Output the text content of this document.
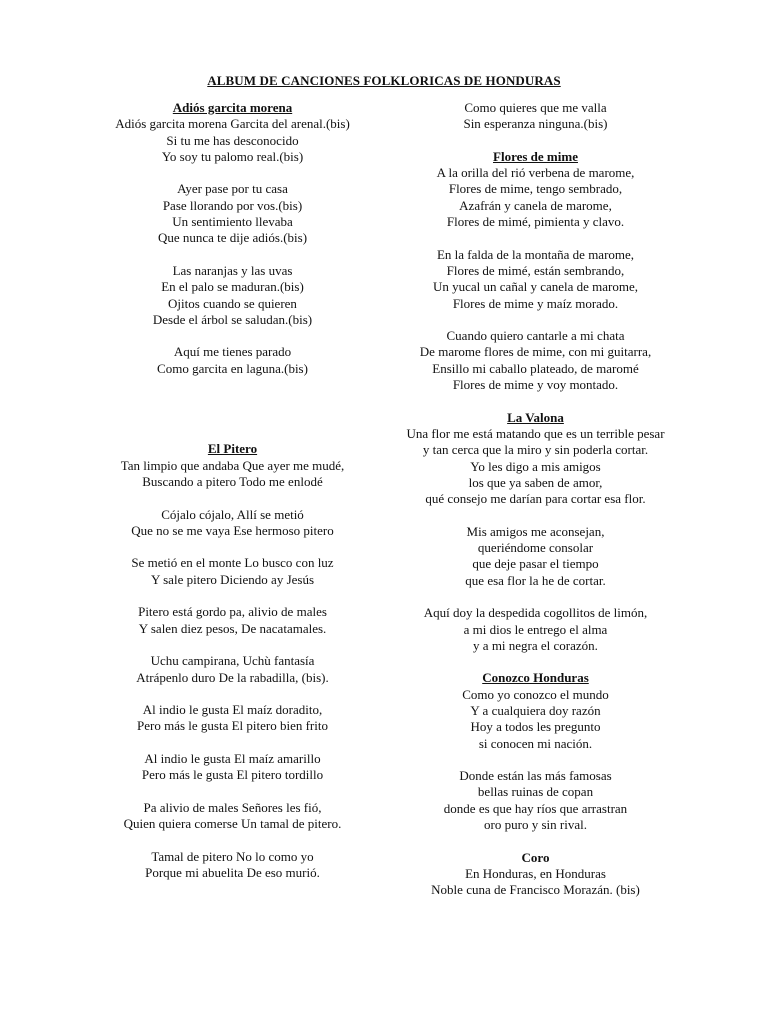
ALBUM DE CANCIONES FOLKLORICAS DE HONDURAS
Adiós garcita morena
Adiós garcita morena Garcita del arenal.(bis)
Si tu me has desconocido
Yo soy tu palomo real.(bis)
Ayer pase por tu casa
Pase llorando por vos.(bis)
Un sentimiento llevaba
Que nunca te dije adiós.(bis)
Las naranjas y las uvas
En el palo se maduran.(bis)
Ojitos cuando se quieren
Desde el árbol se saludan.(bis)
Aquí me tienes parado
Como garcita en laguna.(bis)
El Pitero
Tan limpio que andaba Que ayer me mudé,
Buscando a pitero Todo me enlodé
Cójalo cójalo, Allí se metió
Que no se me vaya Ese hermoso pitero
Se metió en el monte Lo busco con luz
Y sale pitero Diciendo ay Jesús
Pitero está gordo pa, alivio de males
Y salen diez pesos, De nacatamales.
Uchu campirana, Uchù fantasía
Atrápenlo duro De la rabadilla, (bis).
Al indio le gusta El maíz doradito,
Pero más le gusta El pitero bien frito
Al indio le gusta El maíz amarillo
Pero más le gusta El pitero tordillo
Pa alivio de males Señores les fió,
Quien quiera comerse Un tamal de pitero.
Tamal de pitero No lo como yo
Porque mi abuelita De eso murió.
Como quieres que me valla
Sin esperanza ninguna.(bis)
Flores de mime
A la orilla del rió verbena de marome,
Flores de mime, tengo sembrado,
Azafrán y canela de marome,
Flores de mimé, pimienta y clavo.
En la falda de la montaña de marome,
Flores de mimé, están sembrando,
Un yucal un cañal y canela de marome,
Flores de mime y maíz morado.
Cuando quiero cantarle a mi chata
De marome flores de mime, con mi guitarra,
Ensillo mi caballo plateado, de maromé
Flores de mime y voy montado.
La Valona
Una flor me está matando que es un terrible pesar
y tan cerca que la miro y sin poderla cortar.
Yo les digo a mis amigos
los que ya saben de amor,
qué consejo me darían para cortar esa flor.
Mis amigos me aconsejan,
queriéndome consolar
que deje pasar el tiempo
que esa flor la he de cortar.
Aquí doy la despedida cogollitos de limón,
a mi dios le entrego el alma
y a mi negra el corazón.
Conozco Honduras
Como yo conozco el mundo
Y a cualquiera doy razón
Hoy a todos les pregunto
si conocen mi nación.
Donde están las más famosas
bellas ruinas de copan
donde es que hay ríos que arrastran
oro puro y sin rival.
Coro
En Honduras, en Honduras
Noble cuna de Francisco Morazán. (bis)
